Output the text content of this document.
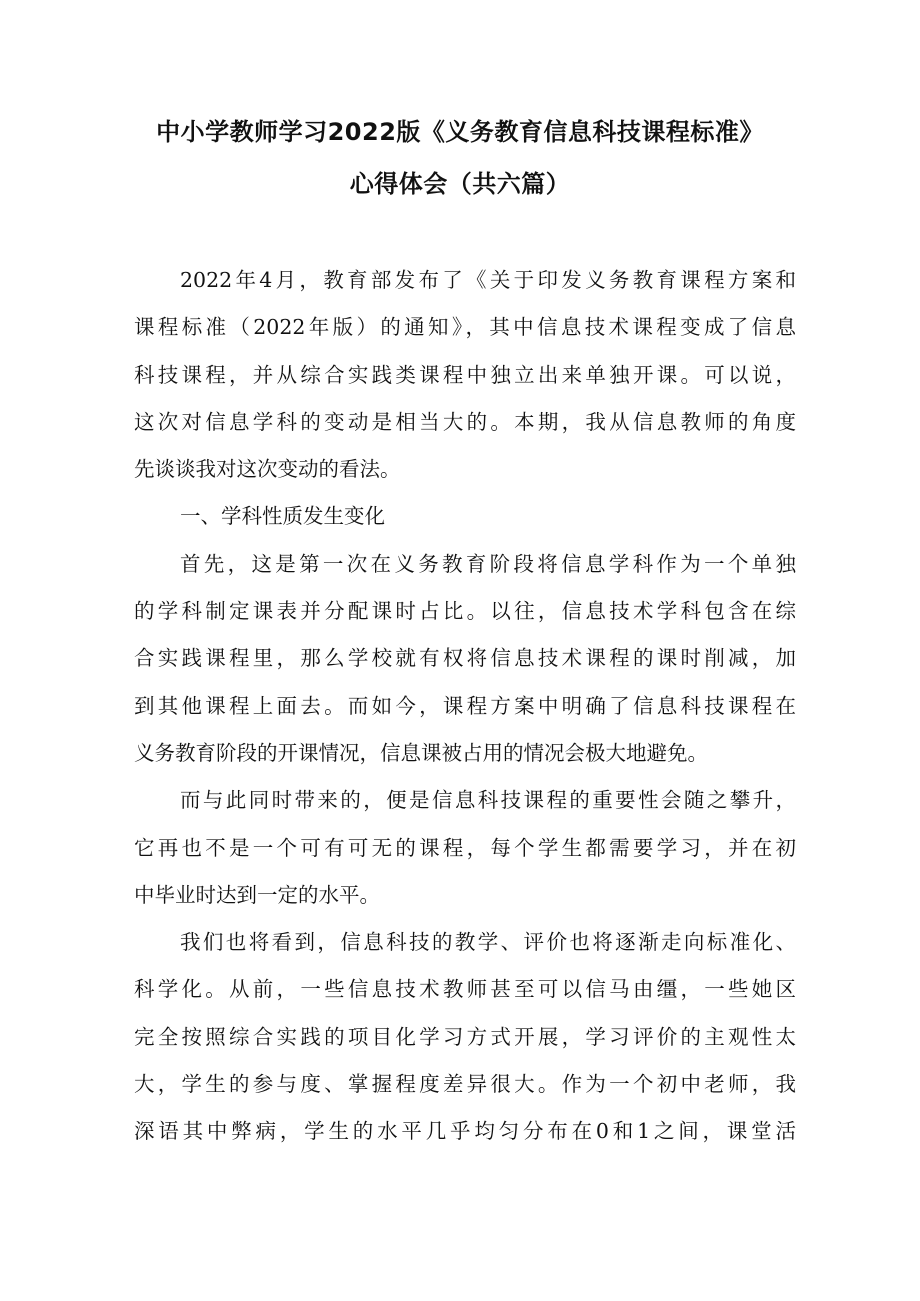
中小学教师学习2022版《义务教育信息科技课程标准》
心得体会（共六篇）
2022年4月，教育部发布了《关于印发义务教育课程方案和
课程标准（2022年版）的通知》，其中信息技术课程变成了信息
科技课程，并从综合实践类课程中独立出来单独开课。可以说，
这次对信息学科的变动是相当大的。本期，我从信息教师的角度
先谈谈我对这次变动的看法。
一、学科性质发生变化
首先，这是第一次在义务教育阶段将信息学科作为一个单独
的学科制定课表并分配课时占比。以往，信息技术学科包含在综
合实践课程里，那么学校就有权将信息技术课程的课时削减，加
到其他课程上面去。而如今，课程方案中明确了信息科技课程在
义务教育阶段的开课情况，信息课被占用的情况会极大地避免。
而与此同时带来的，便是信息科技课程的重要性会随之攀升，
它再也不是一个可有可无的课程，每个学生都需要学习，并在初
中毕业时达到一定的水平。
我们也将看到，信息科技的教学、评价也将逐渐走向标准化、
科学化。从前，一些信息技术教师甚至可以信马由缰，一些她区
完全按照综合实践的项目化学习方式开展，学习评价的主观性太
大，学生的参与度、掌握程度差异很大。作为一个初中老师，我
深语其中弊病，学生的水平几乎均匀分布在0和1之间，课堂活
